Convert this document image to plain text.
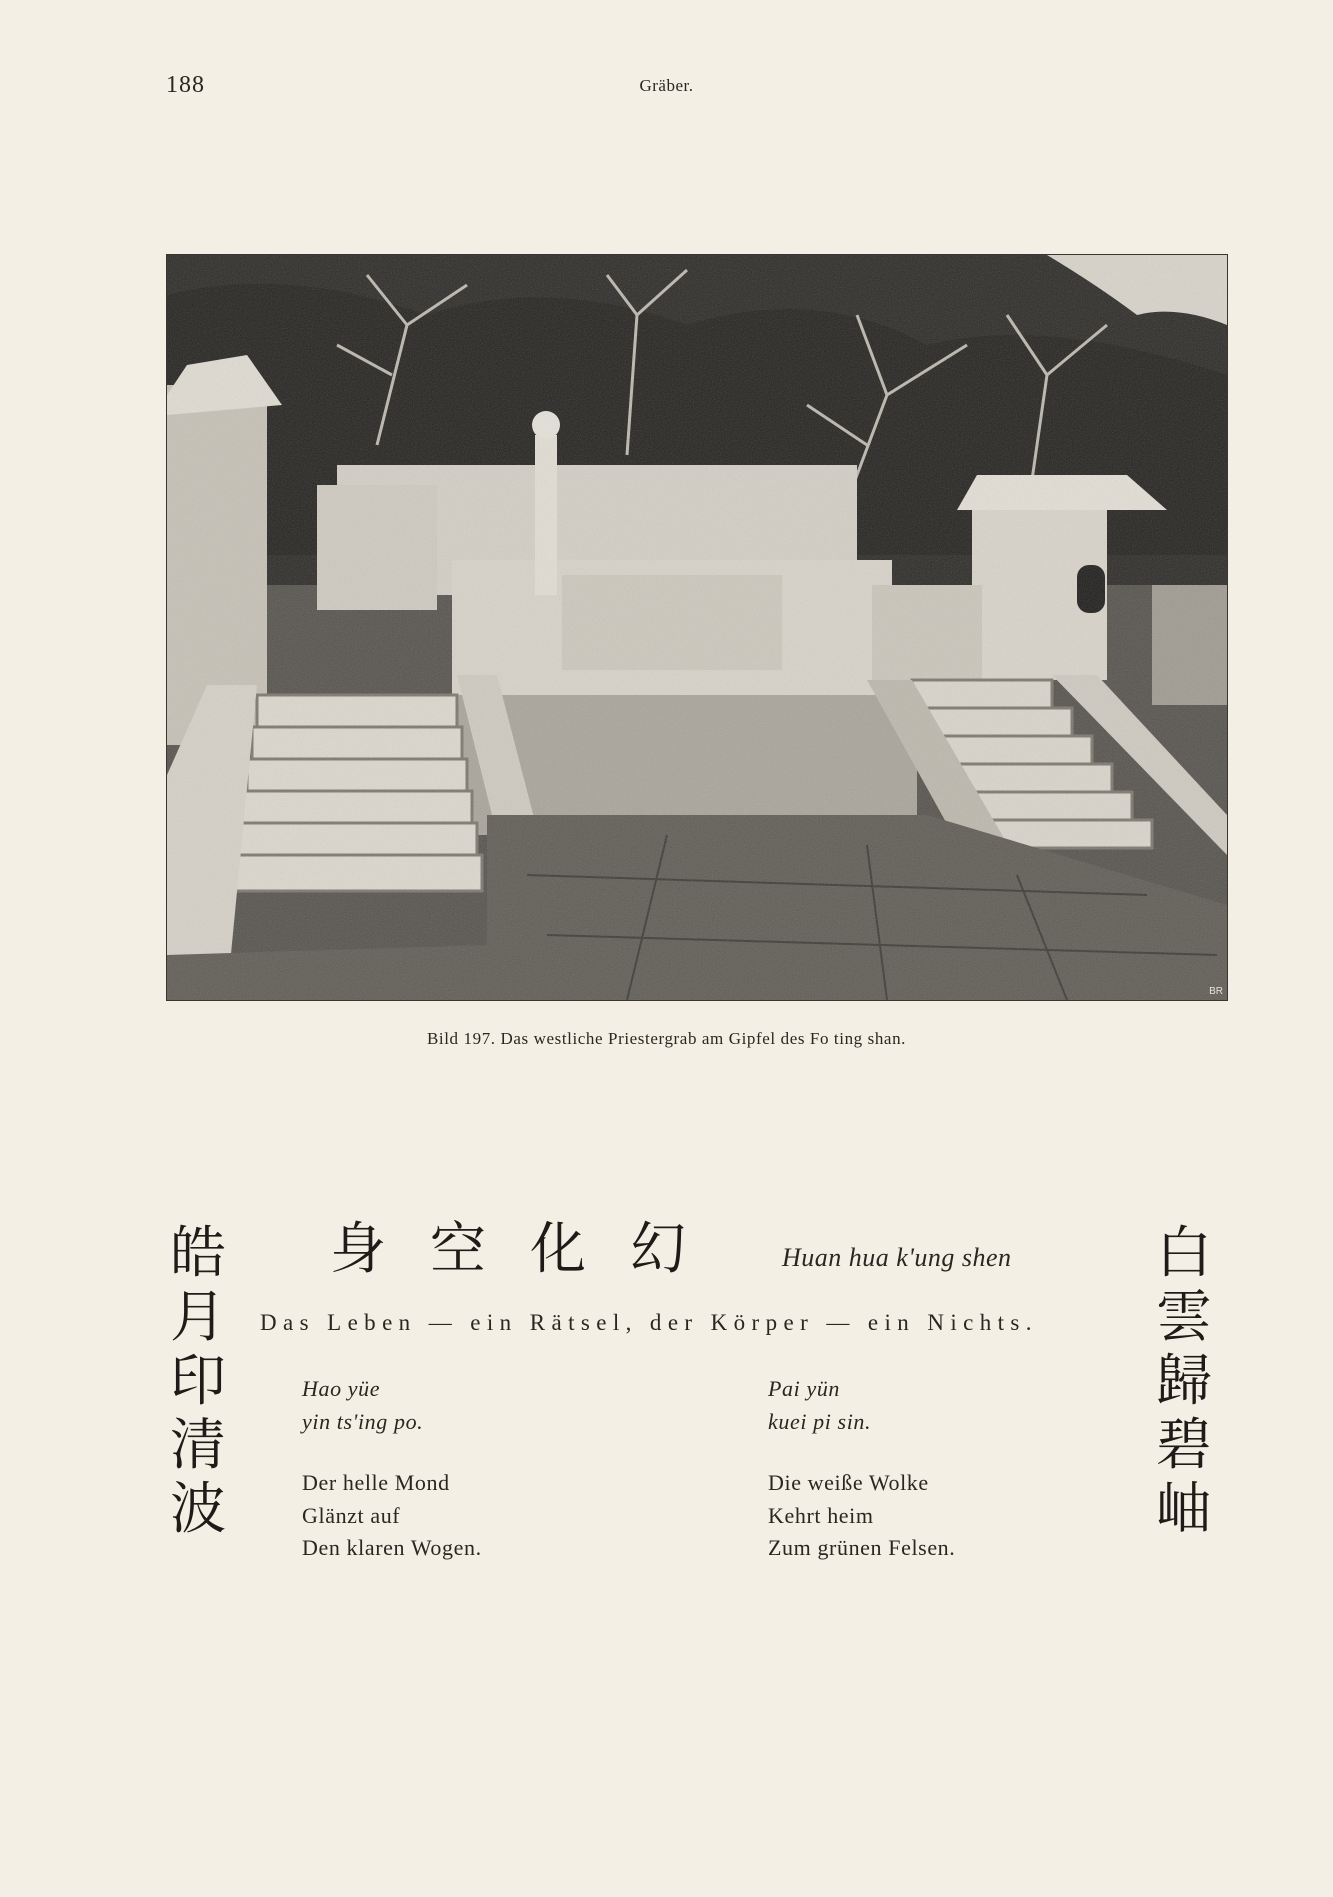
188	Gräber.
BR
Bild 197. Das westliche Priestergrab am Gipfel des Fo ting shan.
皓
月
印
清
波
身空化幻 Huan hua k'ung shen
Das Leben — ein Rätsel, der Körper — ein Nichts.
Hao yüe
yin ts'ing po.
Der helle Mond
Glänzt auf
Den klaren Wogen.
Pai yün
kuei pi sin.
Die weiße Wolke
Kehrt heim
Zum grünen Felsen.
白
雲
歸
碧
岫
